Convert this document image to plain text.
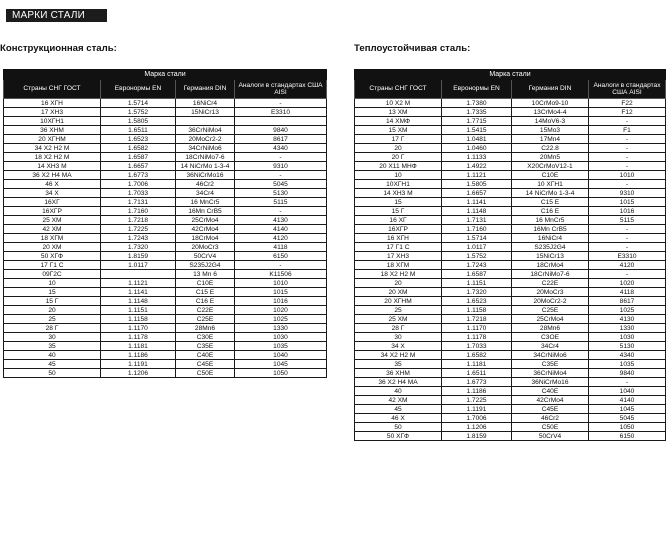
МАРКИ СТАЛИ
Конструкционная сталь:	Теплоустойчивая сталь:
Марка стали			
Страны СНГ ГОСТ	Евронормы EN	Германия DIN	Аналоги в стандартах США AISI
16 ХГН	1.5714	16NiCr4	-
17 ХН3	1.5752	15NiCr13	E3310
10ХГН1	1.5805		
36 ХНМ	1.6511	36CrNiMo4	9840
20 ХГНМ	1.6523	20MoCr2-2	8617
34 Х2 Н2 М	1.6582	34CrNiMo6	4340
18 Х2 Н2 М	1.6587	18CrNiMo7-6	-
14 ХН3 М	1.6657	14 NiCrMo 1-3-4	9310
36 Х2 Н4 МА	1.6773	36NiCrMo16	-
46 Х	1.7006	46Cr2	5045
34 Х	1.7033	34Cr4	5130
16ХГ	1.7131	16 MnCr5	5115
16ХГР	1.7160	16Mn CrB5	-
25 ХМ	1.7218	25CrMo4	4130
42 ХМ	1.7225	42CrMo4	4140
18 ХГМ	1.7243	18CrMo4	4120
20 ХМ	1.7320	20MoCr3	4118
50 ХГФ	1.8159	50CrV4	6150
17 Г1 С	1.0117	S235J2G4	-
09Г2С		13 Mn 6	K11506
10	1.1121	C10E	1010
15	1.1141	C15 E	1015
15 Г	1.1148	C16 E	1016
20	1.1151	C22E	1020
25	1.1158	C25E	1025
28 Г	1.1170	28Mn6	1330
30	1.1178	C30E	1030
35	1.1181	C35E	1035
40	1.1186	C40E	1040
45	1.1191	C45E	1045
50	1.1206	C50E	1050
Марка стали			
Страны СНГ ГОСТ	Евронормы EN	Германия DIN	Аналоги в стандартах США AISI
10 Х2 М	1.7380	10CrMo9-10	F22
13 ХМ	1.7335	13CrMo4-4	F12
14 ХМФ	1.7715	14MoV6-3	-
15 ХМ	1.5415	15Mo3	F1
17 Г	1.0481	17Mn4	-
20	1.0460	C22.8	-
20 Г	1.1133	20Mn5	-
20 Х11 МНФ	1.4922	X20CrMoV12-1	-
10	1.1121	C10E	1010
10ХГН1	1.5805	10 ХГН1	-
14 ХН3 М	1.6657	14 NiCrMo 1-3-4	9310
15	1.1141	C15 E	1015
15 Г	1.1148	C16 E	1016
16 ХГ	1.7131	16 MnCr5	5115
16ХГР	1.7160	16Mn CrB5	-
16 ХГН	1.5714	16NiCr4	-
17 Г1 С	1.0117	S235J2G4	-
17 ХН3	1.5752	15NiCr13	E3310
18 ХГМ	1.7243	18CrMo4	4120
18 Х2 Н2 М	1.6587	18CrNiMo7-6	-
20	1.1151	C22E	1020
20 ХМ	1.7320	20MoCr3	4118
20 ХГНМ	1.6523	20MoCr2-2	8617
25	1.1158	C25E	1025
25 ХМ	1.7218	25CrMo4	4130
28 Г	1.1170	28Mn6	1330
30	1.1178	C3OE	1030
34 Х	1.7033	34Cr4	5130
34 Х2 Н2 М	1.6582	34CrNiMo6	4340
35	1.1181	C35E	1035
36 ХНМ	1.6511	36CrNiMo4	9840
36 Х2 Н4 МА	1.6773	36NiCrMo16	-
40	1.1186	C40E	1040
42 ХМ	1.7225	42CrMo4	4140
45	1.1191	C45E	1045
46 Х	1.7006	46Cr2	5045
50	1.1206	C50E	1050
50 ХГФ	1.8159	50CrV4	6150
